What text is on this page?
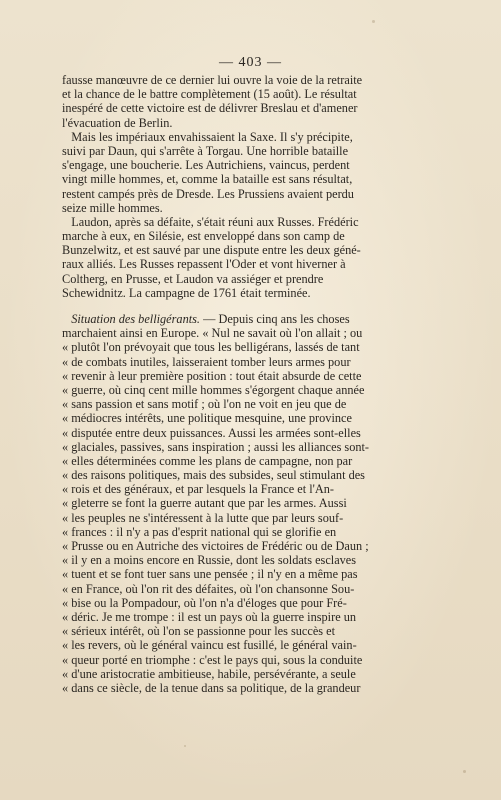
— 403 —
fausse manœuvre de ce dernier lui ouvre la voie de la retraite
et la chance de le battre complètement (15 août). Le résultat
inespéré de cette victoire est de délivrer Breslau et d'amener
l'évacuation de Berlin.
Mais les impériaux envahissaient la Saxe. Il s'y précipite,
suivi par Daun, qui s'arrête à Torgau. Une horrible bataille
s'engage, une boucherie. Les Autrichiens, vaincus, perdent
vingt mille hommes, et, comme la bataille est sans résultat,
restent campés près de Dresde. Les Prussiens avaient perdu
seize mille hommes.
Laudon, après sa défaite, s'était réuni aux Russes. Frédéric
marche à eux, en Silésie, est enveloppé dans son camp de
Bunzelwitz, et est sauvé par une dispute entre les deux géné-
raux alliés. Les Russes repassent l'Oder et vont hiverner à
Coltherg, en Prusse, et Laudon va assiéger et prendre
Schewidnitz. La campagne de 1761 était terminée.
Situation des belligérants. — Depuis cinq ans les choses
marchaient ainsi en Europe. « Nul ne savait où l'on allait ; ou
« plutôt l'on prévoyait que tous les belligérans, lassés de tant
« de combats inutiles, laisseraient tomber leurs armes pour
« revenir à leur première position : tout était absurde de cette
« guerre, où cinq cent mille hommes s'égorgent chaque année
« sans passion et sans motif ; où l'on ne voit en jeu que de
« médiocres intérêts, une politique mesquine, une province
« disputée entre deux puissances. Aussi les armées sont-elles
« glaciales, passives, sans inspiration ; aussi les alliances sont-
« elles déterminées comme les plans de campagne, non par
« des raisons politiques, mais des subsides, seul stimulant des
« rois et des généraux, et par lesquels la France et l'An-
« gleterre se font la guerre autant que par les armes. Aussi
« les peuples ne s'intéressent à la lutte que par leurs souf-
« frances : il n'y a pas d'esprit national qui se glorifie en
« Prusse ou en Autriche des victoires de Frédéric ou de Daun ;
« il y en a moins encore en Russie, dont les soldats esclaves
« tuent et se font tuer sans une pensée ; il n'y en a même pas
« en France, où l'on rit des défaites, où l'on chansonne Sou-
« bise ou la Pompadour, où l'on n'a d'éloges que pour Fré-
« déric. Je me trompe : il est un pays où la guerre inspire un
« sérieux intérêt, où l'on se passionne pour les succès et
« les revers, où le général vaincu est fusillé, le général vain-
« queur porté en triomphe : c'est le pays qui, sous la conduite
« d'une aristocratie ambitieuse, habile, persévérante, a seule
« dans ce siècle, de la tenue dans sa politique, de la grandeur
